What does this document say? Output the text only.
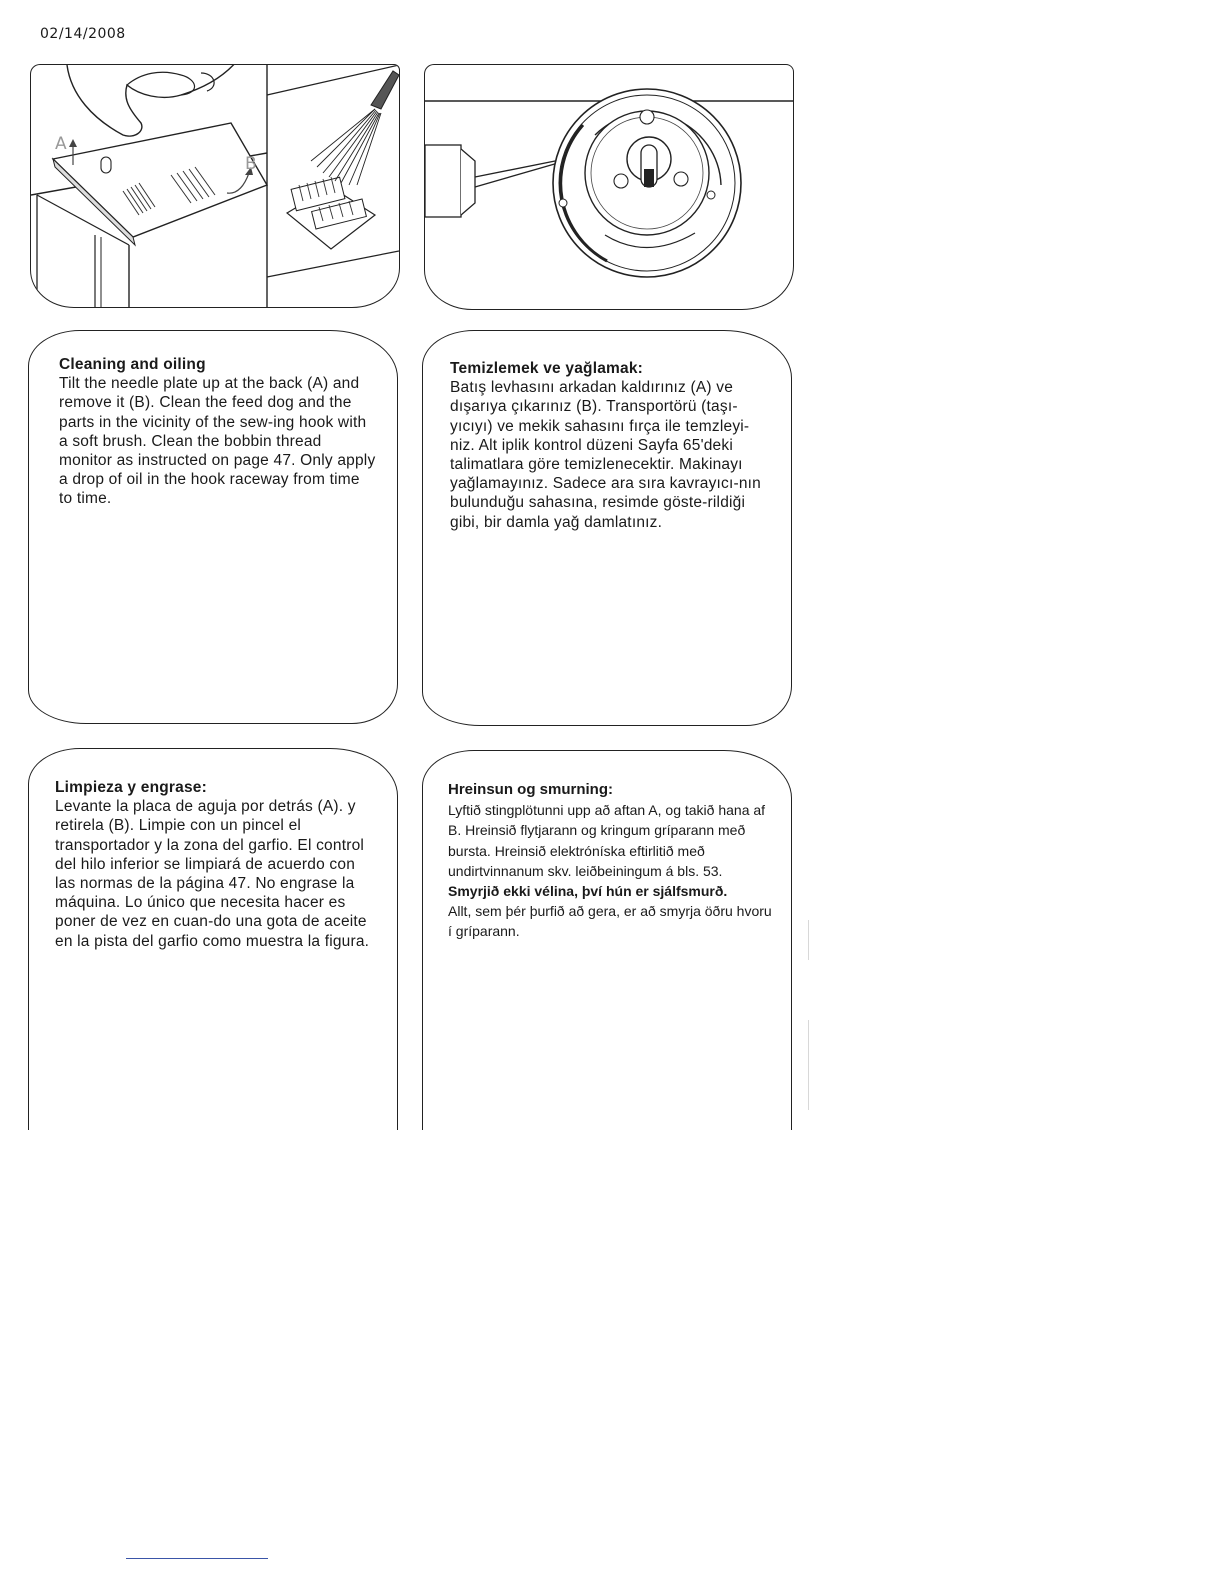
02/14/2008
A
B
Cleaning and oiling
Tilt the needle plate up at the back (A) and remove it (B). Clean the feed dog and the parts in the vicinity of the sew-ing hook with a soft brush. Clean the bobbin thread monitor as instructed on page 47. Only apply a drop of oil in the hook raceway from time to time.
Temizlemek ve yağlamak:
Batış levhasını arkadan kaldırınız (A) ve dışarıya çıkarınız (B). Transportörü (taşı-yıcıyı) ve mekik sahasını fırça ile temzleyi-niz. Alt iplik kontrol düzeni Sayfa 65'deki talimatlara göre temizlenecektir. Makinayı yağlamayınız. Sadece ara sıra kavrayıcı-nın bulunduğu sahasına, resimde göste-rildiği gibi, bir damla yağ damlatınız.
Limpieza y engrase:
Levante la placa de aguja por detrás (A). y retirela (B). Limpie con un pincel el transportador y la zona del garfio. El control del hilo inferior se limpiará de acuerdo con las normas de la página 47. No engrase la máquina. Lo único que necesita hacer es poner de vez en cuan-do una gota de aceite en la pista del garfio como muestra la figura.
Hreinsun og smurning:
Lyftið stingplötunni upp að aftan A, og takið hana af B. Hreinsið flytjarann og kringum gríparann með bursta. Hreinsið elektróníska eftirlitið með undirtvinnanum skv. leiðbeiningum á bls. 53.
Smyrjið ekki vélina, því hún er sjálfsmurð.
Allt, sem þér þurfið að gera, er að smyrja öðru hvoru í gríparann.
